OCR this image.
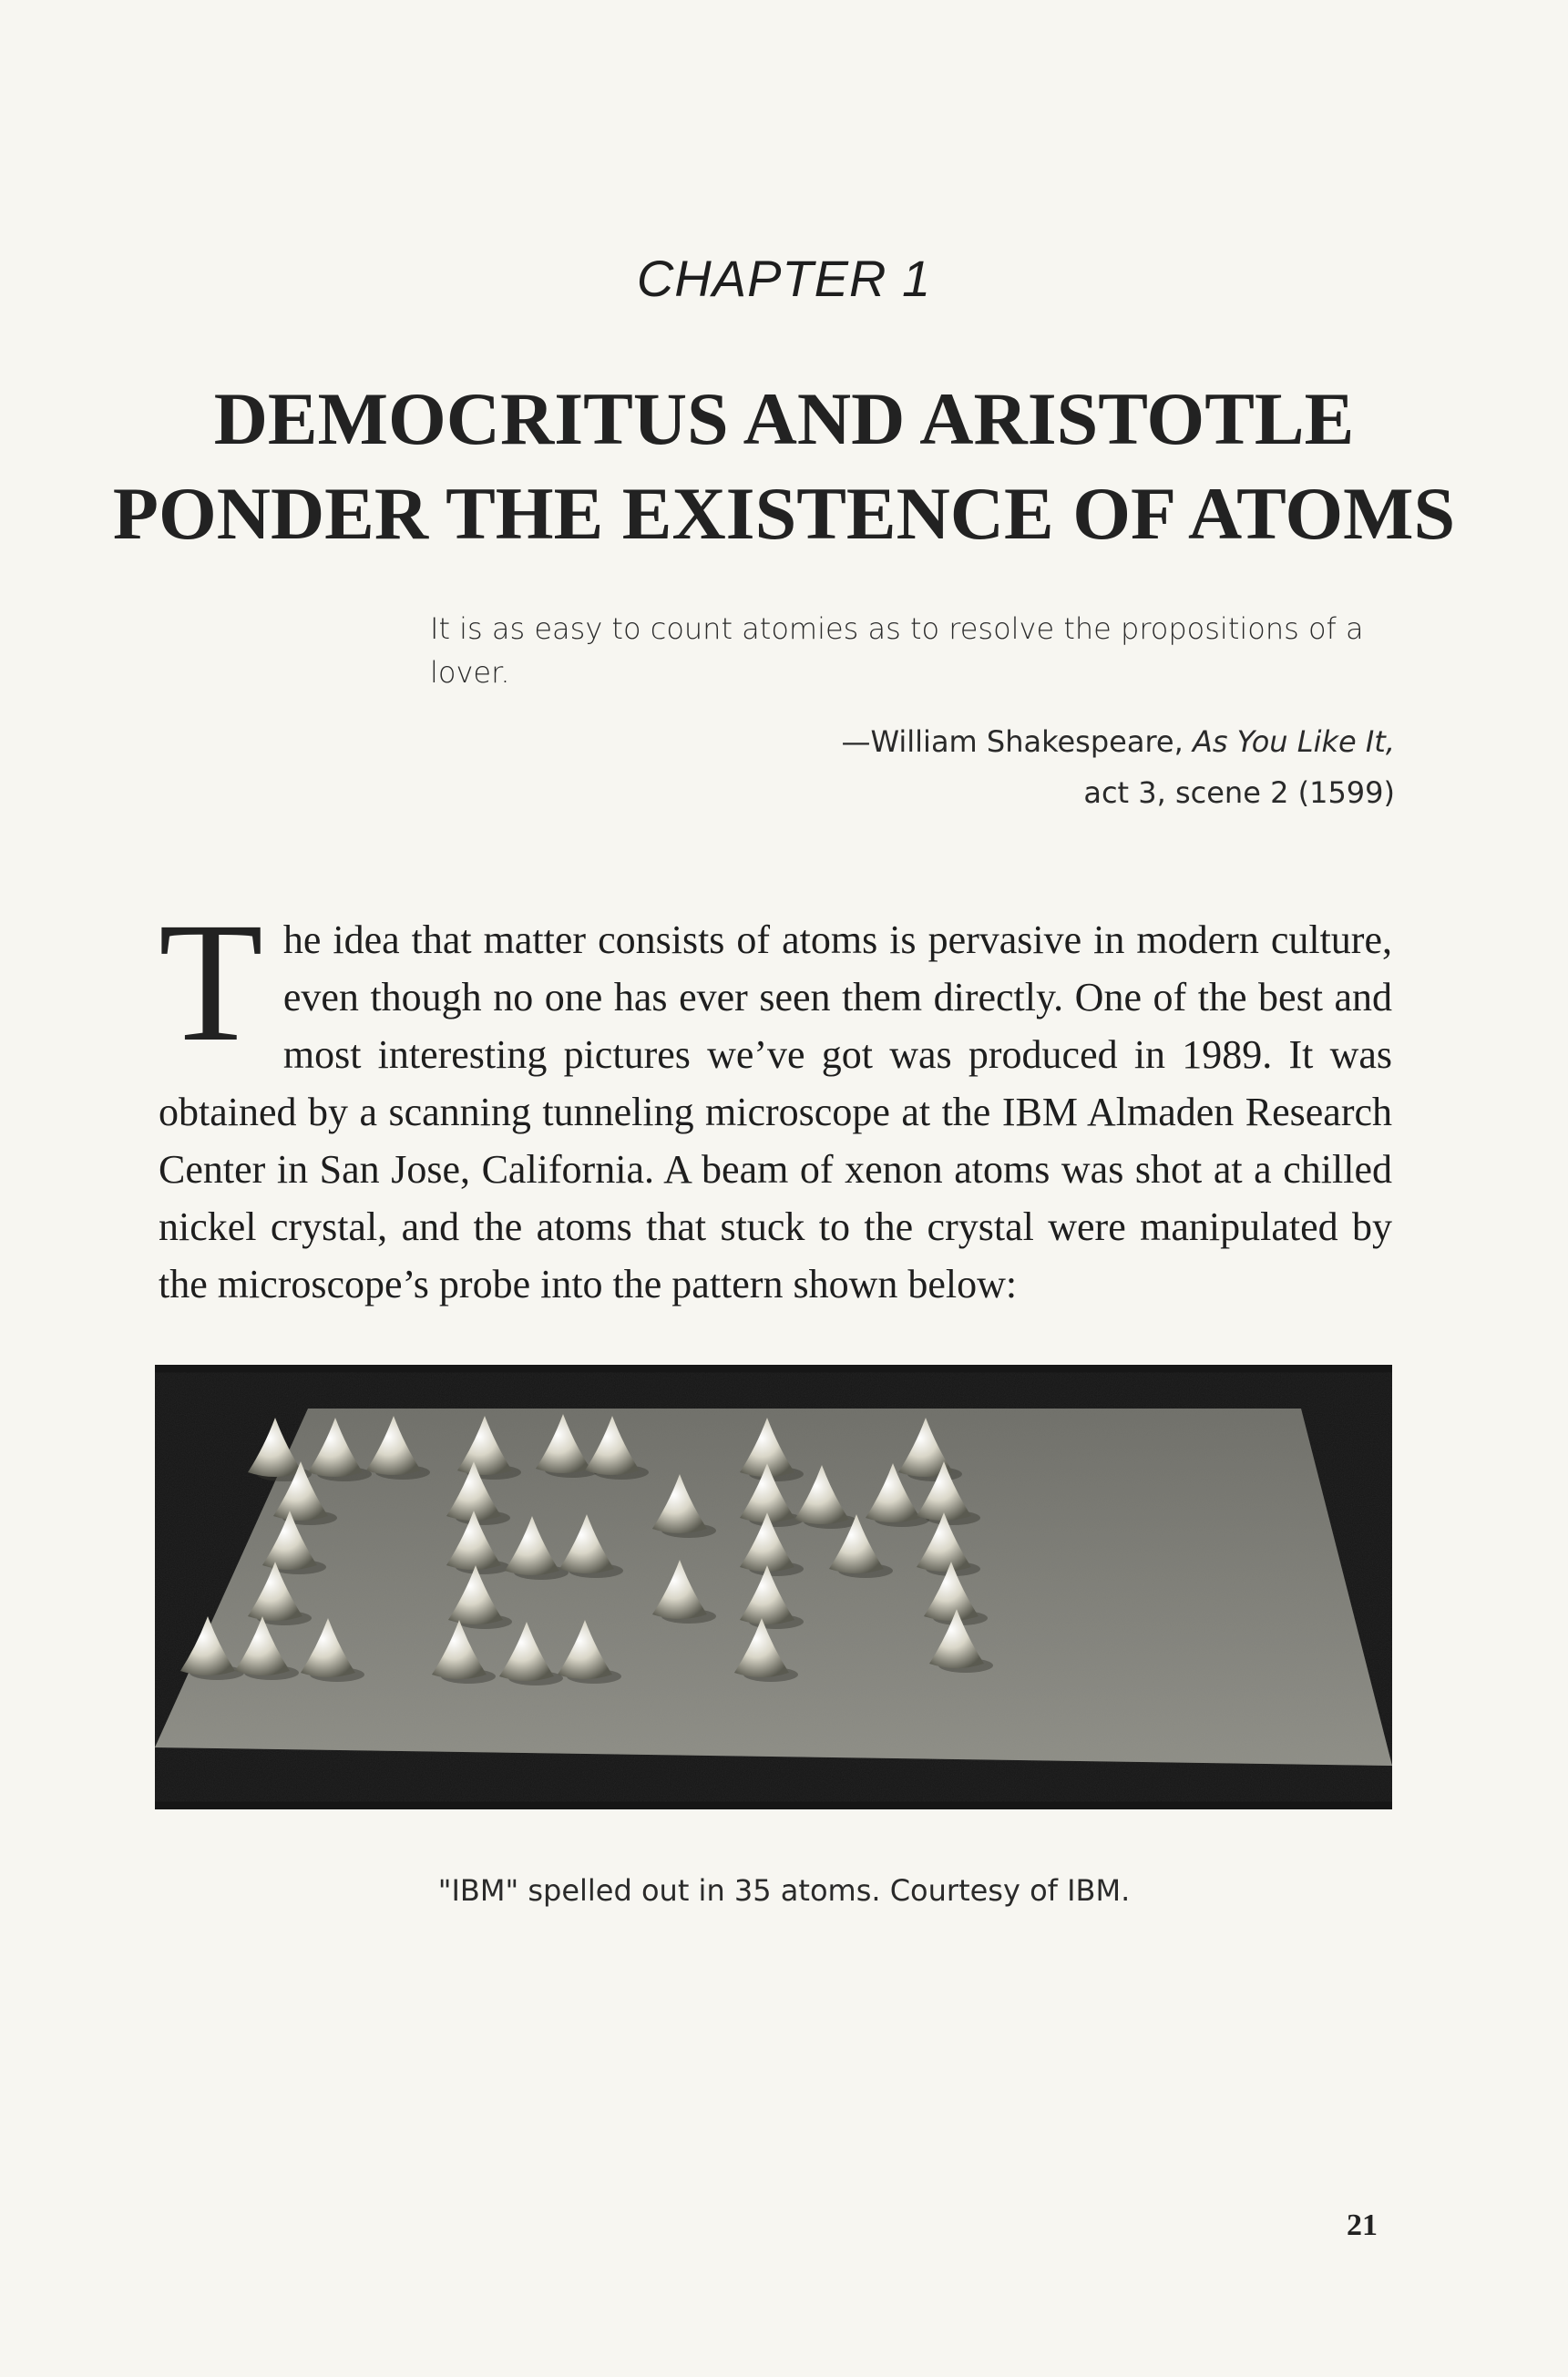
CHAPTER 1
DEMOCRITUS AND ARISTOTLE
PONDER THE EXISTENCE OF ATOMS
It is as easy to count atomies as to resolve the propositions of a lover.
—William Shakespeare, As You Like It,
act 3, scene 2 (1599)
The idea that matter consists of atoms is pervasive in modern culture, even though no one has ever seen them directly. One of the best and most interesting pictures we’ve got was produced in 1989. It was obtained by a scanning tunneling microscope at the IBM Almaden Research Center in San Jose, California. A beam of xenon atoms was shot at a chilled nickel crystal, and the atoms that stuck to the crystal were manipulated by the microscope’s probe into the pattern shown below:
"IBM" spelled out in 35 atoms. Courtesy of IBM.
21
